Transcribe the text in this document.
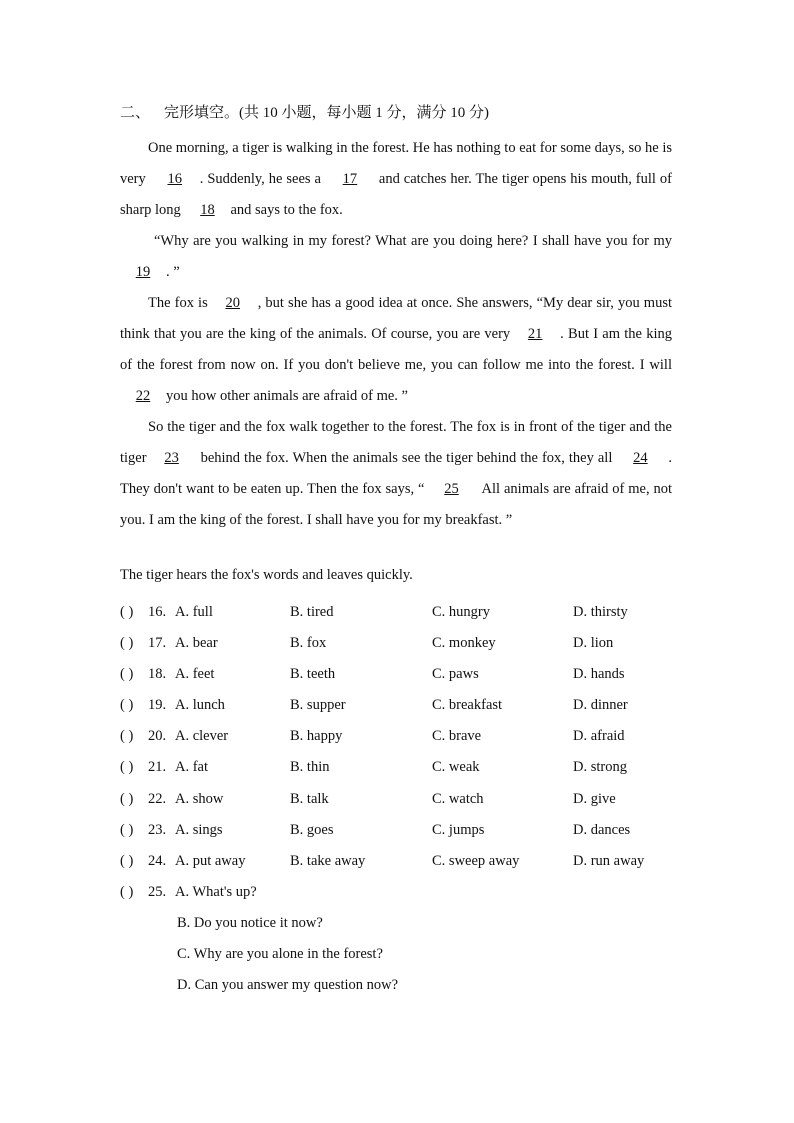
二、 完形填空。(共 10 小题，每小题 1 分，满分 10 分)

One morning, a tiger is walking in the forest. He has nothing to eat for some days, so he is very 16 . Suddenly, he sees a 17 and catches her. The tiger opens his mouth, full of sharp long 18 and says to the fox.

“Why are you walking in my forest? What are you doing here? I shall have you for my19 . ”

The fox is 20 , but she has a good idea at once. She answers, “My dear sir, you must think that you are the king of the animals. Of course, you are very 21 . But I am the king of the forest from now on. If you don't believe me, you can follow me into the forest. I will 22 you how other animals are afraid of me. ”

So the tiger and the fox walk together to the forest. The fox is in front of the tiger and the tiger 23 behind the fox. When the animals see the tiger behind the fox, they all 24 . They don't want to be eaten up. Then the fox says, “ 25 All animals are afraid of me, not you. I am the king of the forest. I shall have you for my breakfast. ”

The tiger hears the fox's words and leaves quickly.
( ) 16. A. full	B. tired	C. hungry	D. thirsty
( ) 17. A. bear	B. fox	C. monkey	D. lion
( ) 18. A. feet	B. teeth	C. paws	D. hands
( ) 19. A. lunch	B. supper	C. breakfast	D. dinner
( ) 20. A. clever	B. happy	C. brave	D. afraid
( ) 21. A. fat	B. thin	C. weak	D. strong
( ) 22. A. show	B. talk	C. watch	D. give
( ) 23. A. sings	B. goes	C. jumps	D. dances
( ) 24. A. put away	B. take away	C. sweep away	D. run away
( ) 25. A. What's up?
B. Do you notice it now?
C. Why are you alone in the forest?
D. Can you answer my question now?
